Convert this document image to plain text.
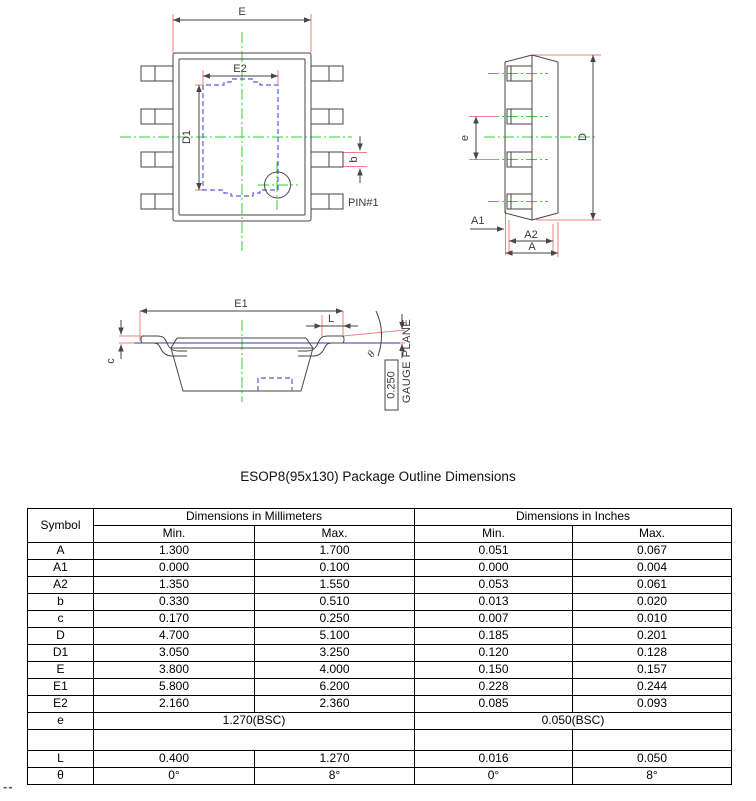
E
E2
D1
b
PIN#1
e	D
A1
A2
A
E1
L
c
θ
0.250 GAUGE PLANE
ESOP8(95x130) Package Outline Dimensions
Symbol	Dimensions in Millimeters		Dimensions in Inches	
	Min.	Max.	Min.	Max.
A	1.300	1.700	0.051	0.067
A1	0.000	0.100	0.000	0.004
A2	1.350	1.550	0.053	0.061
b	0.330	0.510	0.013	0.020
c	0.170	0.250	0.007	0.010
D	4.700	5.100	0.185	0.201
D1	3.050	3.250	0.120	0.128
E	3.800	4.000	0.150	0.157
E1	5.800	6.200	0.228	0.244
E2	2.160	2.360	0.085	0.093
e	1.270(BSC)		0.050(BSC)	

L	0.400	1.270	0.016	0.050
θ	0°	8°	0°	8°
--
